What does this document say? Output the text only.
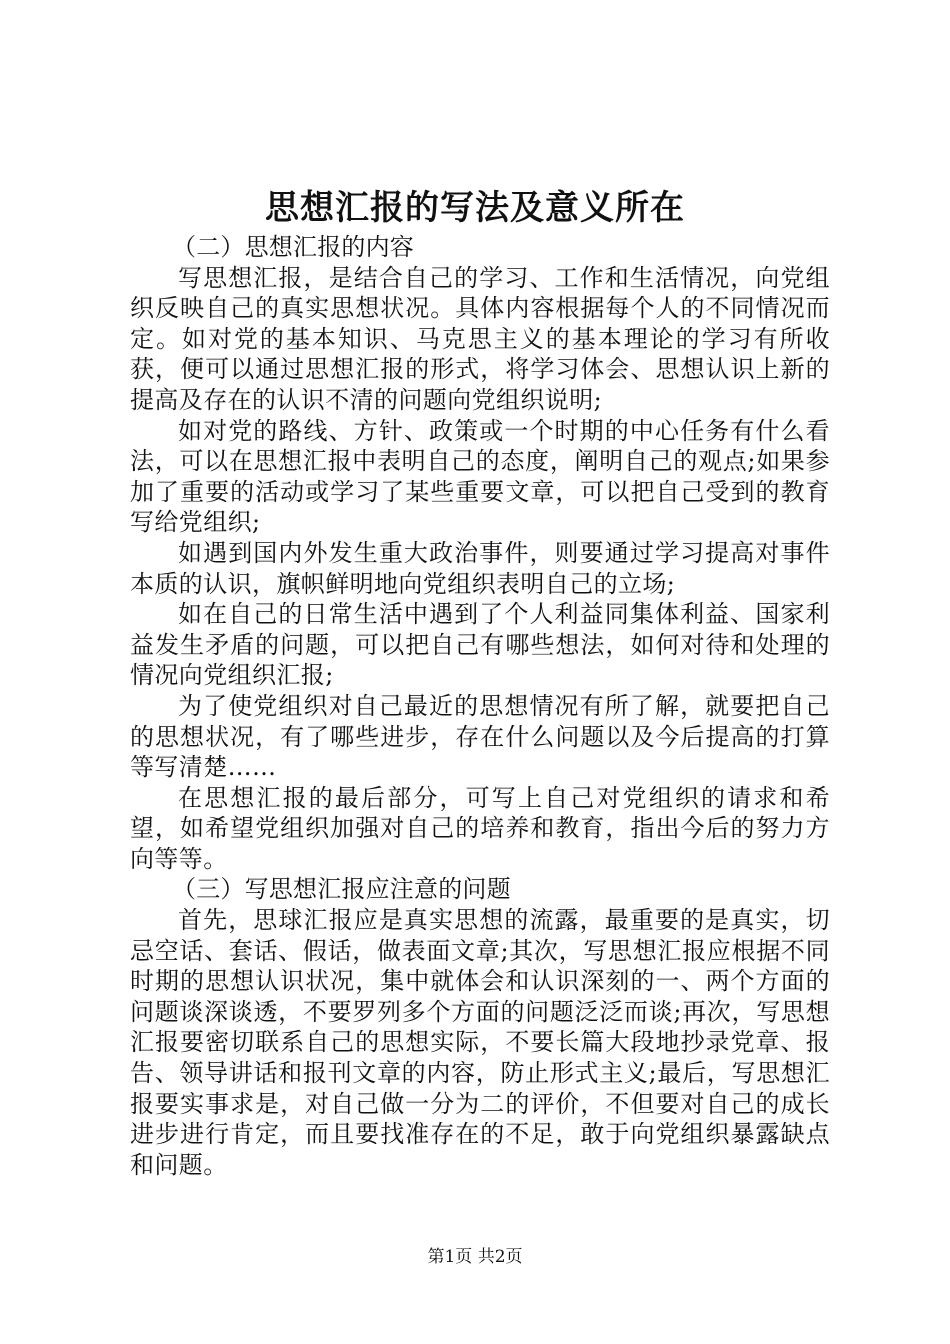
思想汇报的写法及意义所在

（二）思想汇报的内容

写思想汇报，是结合自己的学习、工作和生活情况，向党组织反映自己的真实思想状况。具体内容根据每个人的不同情况而定。如对党的基本知识、马克思主义的基本理论的学习有所收获，便可以通过思想汇报的形式，将学习体会、思想认识上新的提高及存在的认识不清的问题向党组织说明;

如对党的路线、方针、政策或一个时期的中心任务有什么看法，可以在思想汇报中表明自己的态度，阐明自己的观点;如果参加了重要的活动或学习了某些重要文章，可以把自己受到的教育写给党组织;

如遇到国内外发生重大政治事件，则要通过学习提高对事件本质的认识，旗帜鲜明地向党组织表明自己的立场;

如在自己的日常生活中遇到了个人利益同集体利益、国家利益发生矛盾的问题，可以把自己有哪些想法，如何对待和处理的情况向党组织汇报;

为了使党组织对自己最近的思想情况有所了解，就要把自己的思想状况，有了哪些进步，存在什么问题以及今后提高的打算等写清楚……

在思想汇报的最后部分，可写上自己对党组织的请求和希望，如希望党组织加强对自己的培养和教育，指出今后的努力方向等等。

（三）写思想汇报应注意的问题

首先，思球汇报应是真实思想的流露，最重要的是真实，切忌空话、套话、假话，做表面文章;其次，写思想汇报应根据不同时期的思想认识状况，集中就体会和认识深刻的一、两个方面的问题谈深谈透，不要罗列多个方面的问题泛泛而谈;再次，写思想汇报要密切联系自己的思想实际，不要长篇大段地抄录党章、报告、领导讲话和报刊文章的内容，防止形式主义;最后，写思想汇报要实事求是，对自己做一分为二的评价，不但要对自己的成长进步进行肯定，而且要找准存在的不足，敢于向党组织暴露缺点和问题。

第1页 共2页
